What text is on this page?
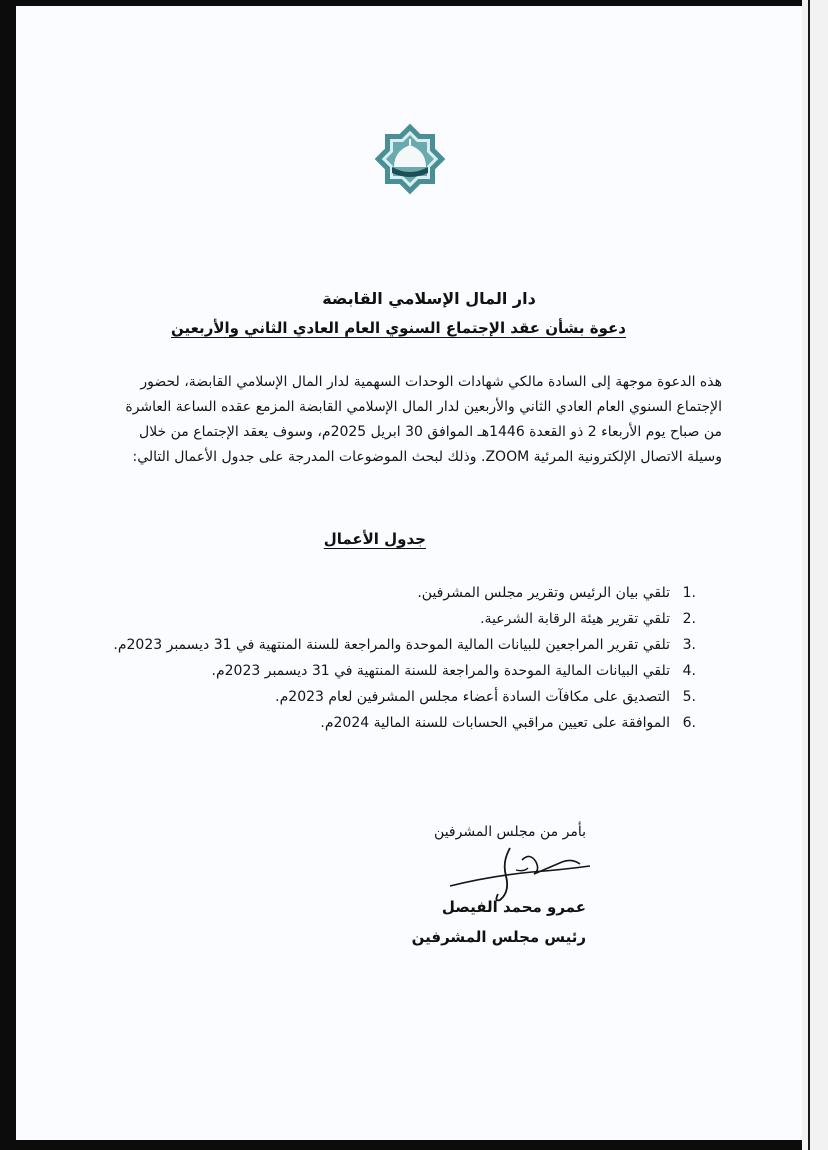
دار المال الإسلامي القابضة
دعوة بشأن عقد الإجتماع السنوي العام العادي الثاني والأربعين
هذه الدعوة موجهة إلى السادة مالكي شهادات الوحدات السهمية لدار المال الإسلامي القابضة، لحضور
الإجتماع السنوي العام العادي الثاني والأربعين لدار المال الإسلامي القابضة المزمع عقده الساعة العاشرة
من صباح يوم الأربعاء 2 ذو القعدة 1446هـ الموافق 30 ابريل 2025م، وسوف يعقد الإجتماع من خلال
وسيلة الاتصال الإلكترونية المرئية ZOOM. وذلك لبحث الموضوعات المدرجة على جدول الأعمال التالي:
جدول الأعمال
1.
تلقي بيان الرئيس وتقرير مجلس المشرفين.
2.
تلقي تقرير هيئة الرقابة الشرعية.
3.
تلقي تقرير المراجعين للبيانات المالية الموحدة والمراجعة للسنة المنتهية في 31 ديسمبر 2023م.
4.
تلقي البيانات المالية الموحدة والمراجعة للسنة المنتهية في 31 ديسمبر 2023م.
5.
التصديق على مكافآت السادة أعضاء مجلس المشرفين لعام 2023م.
6.
الموافقة على تعيين مراقبي الحسابات للسنة المالية 2024م.
بأمر من مجلس المشرفين
عمرو محمد الفيصل
رئيس مجلس المشرفين
